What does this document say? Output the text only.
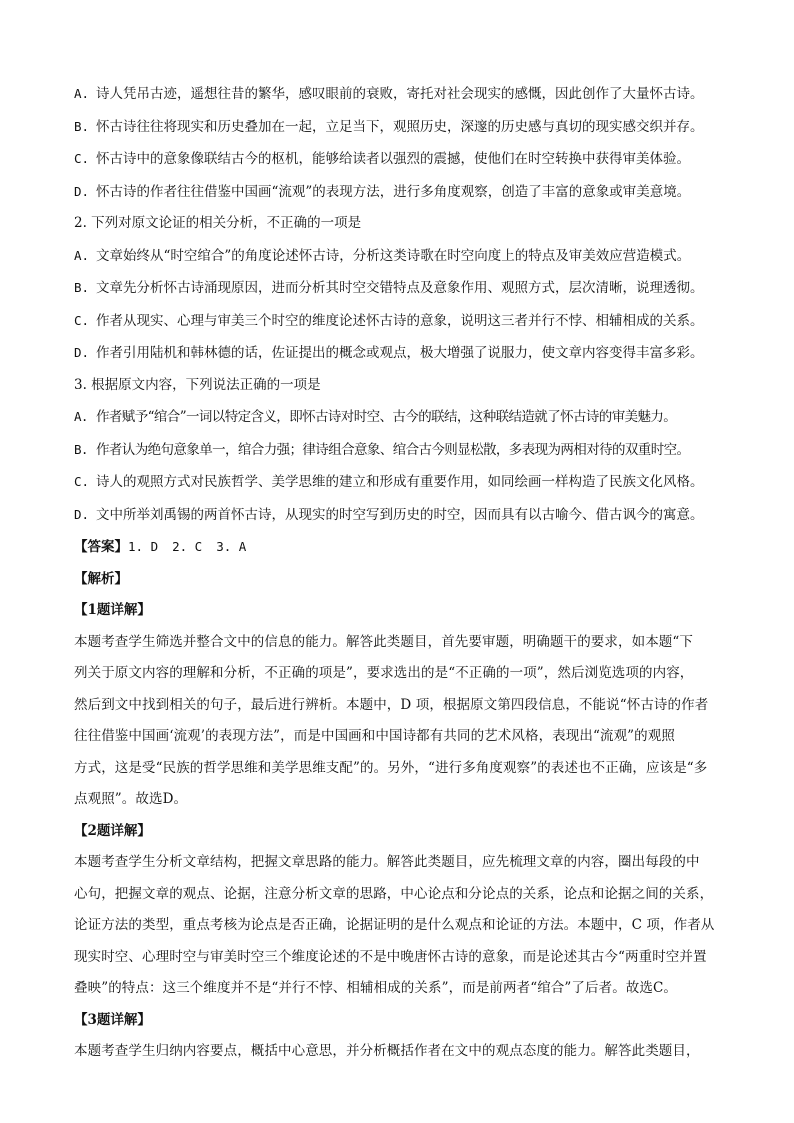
A. 诗人凭吊古迹，遥想往昔的繁华，感叹眼前的衰败，寄托对社会现实的感慨，因此创作了大量怀古诗。
B. 怀古诗往往将现实和历史叠加在一起，立足当下，观照历史，深邃的历史感与真切的现实感交织并存。
C. 怀古诗中的意象像联结古今的枢机，能够给读者以强烈的震撼，使他们在时空转换中获得审美体验。
D. 怀古诗的作者往往借鉴中国画“流观”的表现方法，进行多角度观察，创造了丰富的意象或审美意境。
2. 下列对原文论证的相关分析，不正确的一项是
A. 文章始终从“时空绾合”的角度论述怀古诗，分析这类诗歌在时空向度上的特点及审美效应营造模式。
B. 文章先分析怀古诗涌现原因，进而分析其时空交错特点及意象作用、观照方式，层次清晰，说理透彻。
C. 作者从现实、心理与审美三个时空的维度论述怀古诗的意象，说明这三者并行不悖、相辅相成的关系。
D. 作者引用陆机和韩林德的话，佐证提出的概念或观点，极大增强了说服力，使文章内容变得丰富多彩。
3. 根据原文内容，下列说法正确的一项是
A. 作者赋予“绾合”一词以特定含义，即怀古诗对时空、古今的联结，这种联结造就了怀古诗的审美魅力。
B. 作者认为绝句意象单一，绾合力强；律诗组合意象、绾合古今则显松散，多表现为两相对待的双重时空。
C. 诗人的观照方式对民族哲学、美学思维的建立和形成有重要作用，如同绘画一样构造了民族文化风格。
D. 文中所举刘禹锡的两首怀古诗，从现实的时空写到历史的时空，因而具有以古喻今、借古讽今的寓意。
【答案】1. D 2. C 3. A
【解析】
【1题详解】
本题考查学生筛选并整合文中的信息的能力。解答此类题目，首先要审题，明确题干的要求，如本题“下
列关于原文内容的理解和分析，不正确的项是”，要求选出的是“不正确的一项”，然后浏览选项的内容，
然后到文中找到相关的句子，最后进行辨析。本题中，D 项，根据原文第四段信息，不能说“怀古诗的作者
往往借鉴中国画‘流观’的表现方法”，而是中国画和中国诗都有共同的艺术风格，表现出“流观”的观照
方式，这是受“民族的哲学思维和美学思维支配”的。另外，“进行多角度观察”的表述也不正确，应该是“多
点观照”。故选D。
【2题详解】
本题考查学生分析文章结构，把握文章思路的能力。解答此类题目，应先梳理文章的内容，圈出每段的中
心句，把握文章的观点、论据，注意分析文章的思路，中心论点和分论点的关系，论点和论据之间的关系，
论证方法的类型，重点考核为论点是否正确，论据证明的是什么观点和论证的方法。本题中，C 项，作者从
现实时空、心理时空与审美时空三个维度论述的不是中晚唐怀古诗的意象，而是论述其古今“两重时空并置
叠映”的特点：这三个维度并不是“并行不悖、相辅相成的关系”，而是前两者“绾合”了后者。故选C。
【3题详解】
本题考查学生归纳内容要点，概括中心意思，并分析概括作者在文中的观点态度的能力。解答此类题目，
